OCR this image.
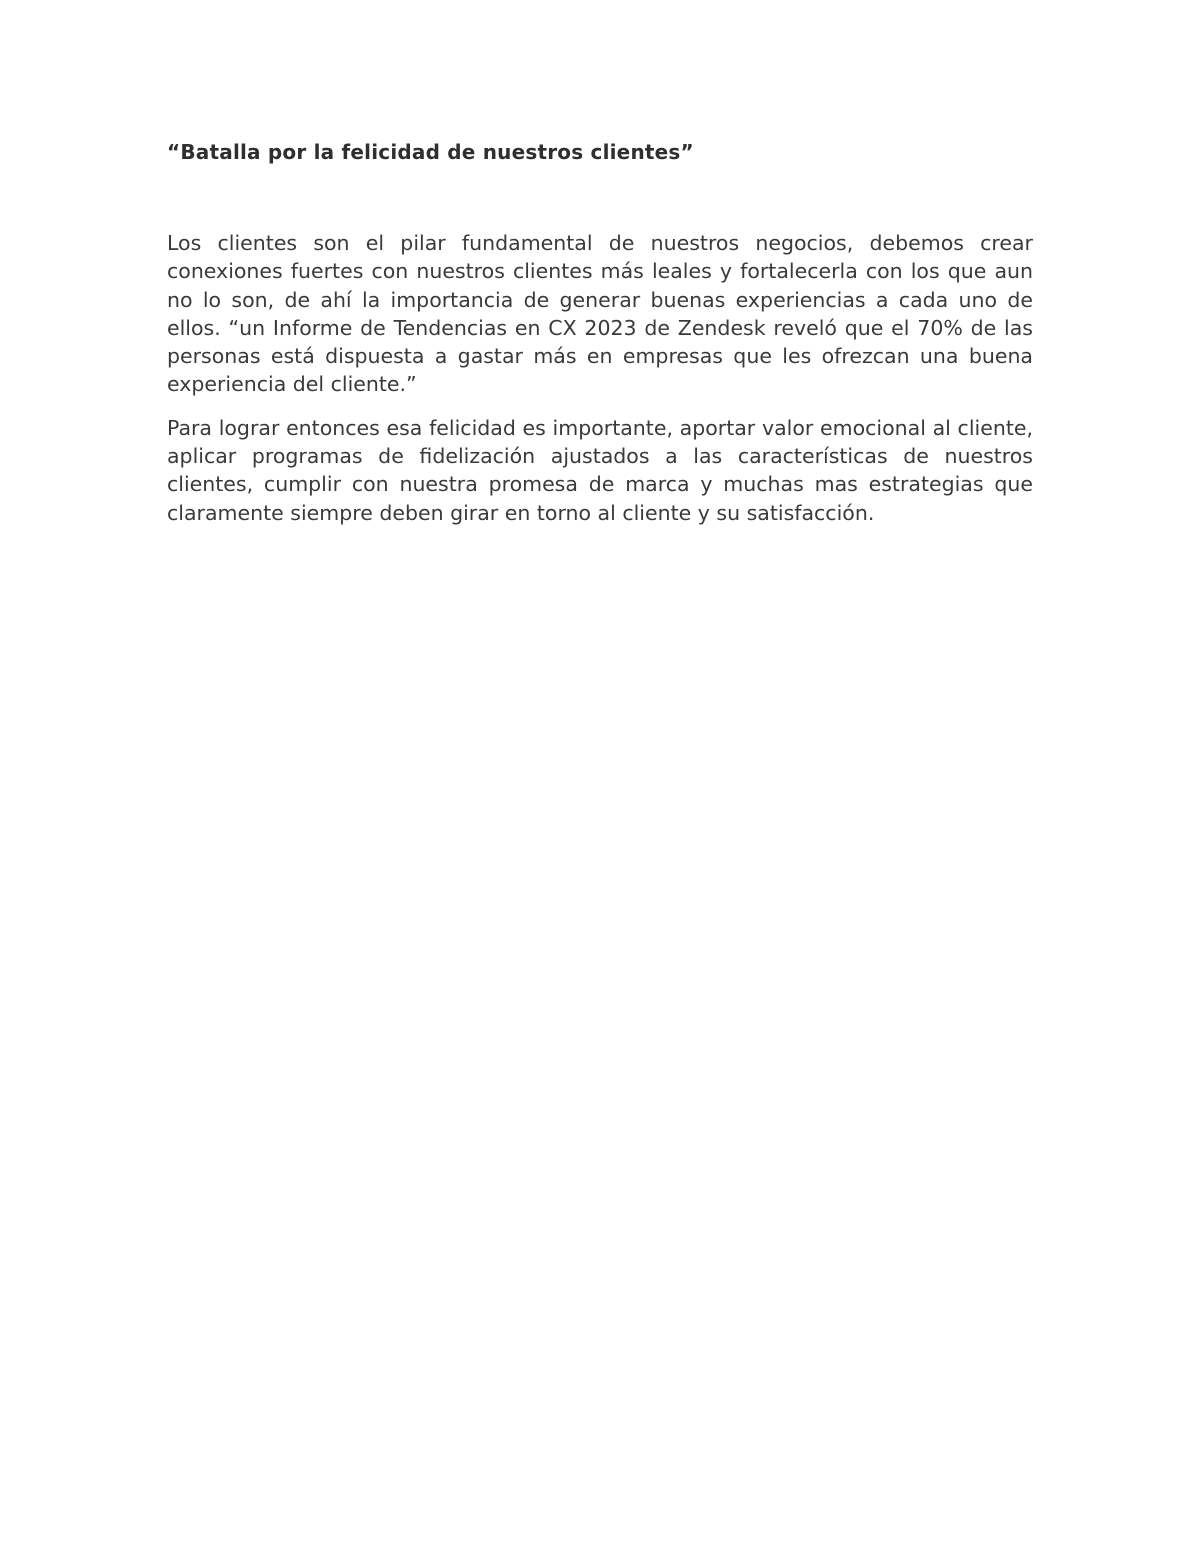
“Batalla por la felicidad de nuestros clientes”

Los clientes son el pilar fundamental de nuestros negocios, debemos crear conexiones fuertes con nuestros clientes más leales y fortalecerla con los que aun no lo son, de ahí la importancia de generar buenas experiencias a cada uno de ellos. “un Informe de Tendencias en CX 2023 de Zendesk reveló que el 70% de las personas está dispuesta a gastar más en empresas que les ofrezcan una buena experiencia del cliente.”

Para lograr entonces esa felicidad es importante, aportar valor emocional al cliente, aplicar programas de fidelización ajustados a las características de nuestros clientes, cumplir con nuestra promesa de marca y muchas mas estrategias que claramente siempre deben girar en torno al cliente y su satisfacción.
